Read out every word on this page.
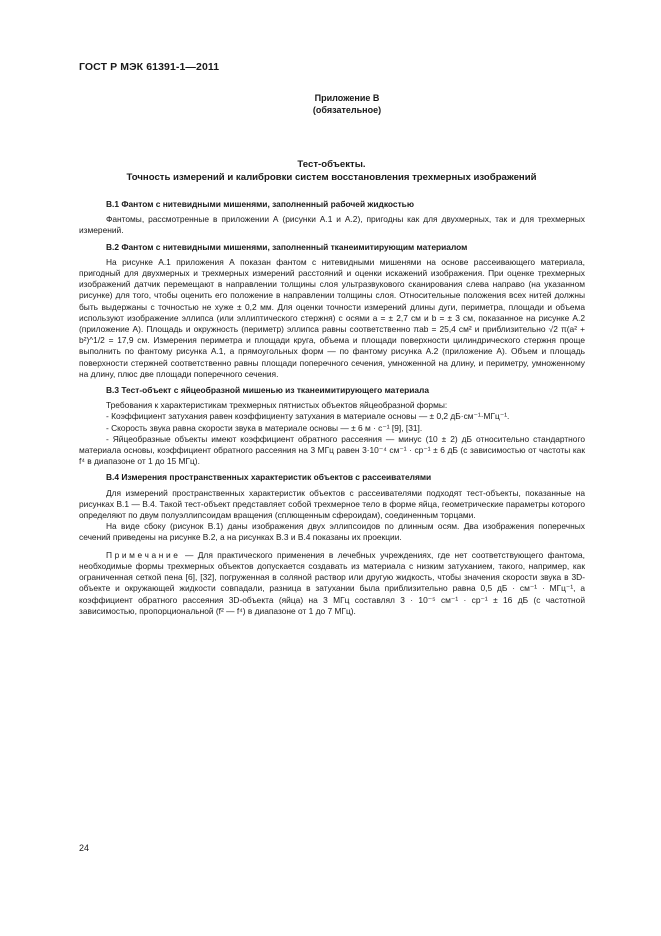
ГОСТ Р МЭК 61391-1—2011
Приложение В
(обязательное)
Тест-объекты.
Точность измерений и калибровки систем восстановления трехмерных изображений
В.1 Фантом с нитевидными мишенями, заполненный рабочей жидкостью

Фантомы, рассмотренные в приложении А (рисунки А.1 и А.2), пригодны как для двухмерных, так и для трехмерных измерений.

В.2 Фантом с нитевидными мишенями, заполненный тканеимитирующим материалом

На рисунке А.1 приложения А показан фантом с нитевидными мишенями на основе рассеивающего материала, пригодный для двухмерных и трехмерных измерений расстояний и оценки искажений изображения. При оценке трехмерных изображений датчик перемещают в направлении толщины слоя ультразвукового сканирования слева направо (на указанном рисунке) для того, чтобы оценить его положение в направлении толщины слоя. Относительные положения всех нитей должны быть выдержаны с точностью не хуже ± 0,2 мм. Для оценки точности измерений длины дуги, периметра, площади и объема используют изображение эллипса (или эллиптического стержня) с осями a = ± 2,7 см и b = ± 3 см, показанное на рисунке А.2 (приложение А). Площадь и окружность (периметр) эллипса равны соответственно πab = 25,4 см² и приблизительно √2 π(a² + b²)^1/2 = 17,9 см. Измерения периметра и площади круга, объема и площади поверхности цилиндрического стержня проще выполнить по фантому рисунка А.1, а прямоугольных форм — по фантому рисунка А.2 (приложение А). Объем и площадь поверхности стержней соответственно равны площади поперечного сечения, умноженной на длину, и периметру, умноженному на длину, плюс две площади поперечного сечения.

В.3 Тест-объект с яйцеобразной мишенью из тканеимитирующего материала

Требования к характеристикам трехмерных пятнистых объектов яйцеобразной формы:

- Коэффициент затухания равен коэффициенту затухания в материале основы — ± 0,2 дБ·см⁻¹·МГц⁻¹.

- Скорость звука равна скорости звука в материале основы — ± 6 м · с⁻¹ [9], [31].

- Яйцеобразные объекты имеют коэффициент обратного рассеяния — минус (10 ± 2) дБ относительно стандартного материала основы, коэффициент обратного рассеяния на 3 МГц равен 3·10⁻⁴ см⁻¹ · ср⁻¹ ± 6 дБ (с зависимостью от частоты как f⁴ в диапазоне от 1 до 15 МГц).

В.4 Измерения пространственных характеристик объектов с рассеивателями

Для измерений пространственных характеристик объектов с рассеивателями подходят тест-объекты, показанные на рисунках В.1 — В.4. Такой тест-объект представляет собой трехмерное тело в форме яйца, геометрические параметры которого определяют по двум полуэллипсоидам вращения (сплющенным сфероидам), соединенным торцами.

На виде сбоку (рисунок В.1) даны изображения двух эллипсоидов по длинным осям. Два изображения поперечных сечений приведены на рисунке В.2, а на рисунках В.3 и В.4 показаны их проекции.

Примечание — Для практического применения в лечебных учреждениях, где нет соответствующего фантома, необходимые формы трехмерных объектов допускается создавать из материала с низким затуханием, такого, например, как ограниченная сеткой пена [6], [32], погруженная в соляной раствор или другую жидкость, чтобы значения скорости звука в 3D-объекте и окружающей жидкости совпадали, разница в затухании была приблизительно равна 0,5 дБ · см⁻¹ · МГц⁻¹, а коэффициент обратного рассеяния 3D-объекта (яйца) на 3 МГц составлял 3 · 10⁻⁵ см⁻¹ · ср⁻¹ ± 16 дБ (с частотной зависимостью, пропорциональной (f² — f⁴) в диапазоне от 1 до 7 МГц).

24
